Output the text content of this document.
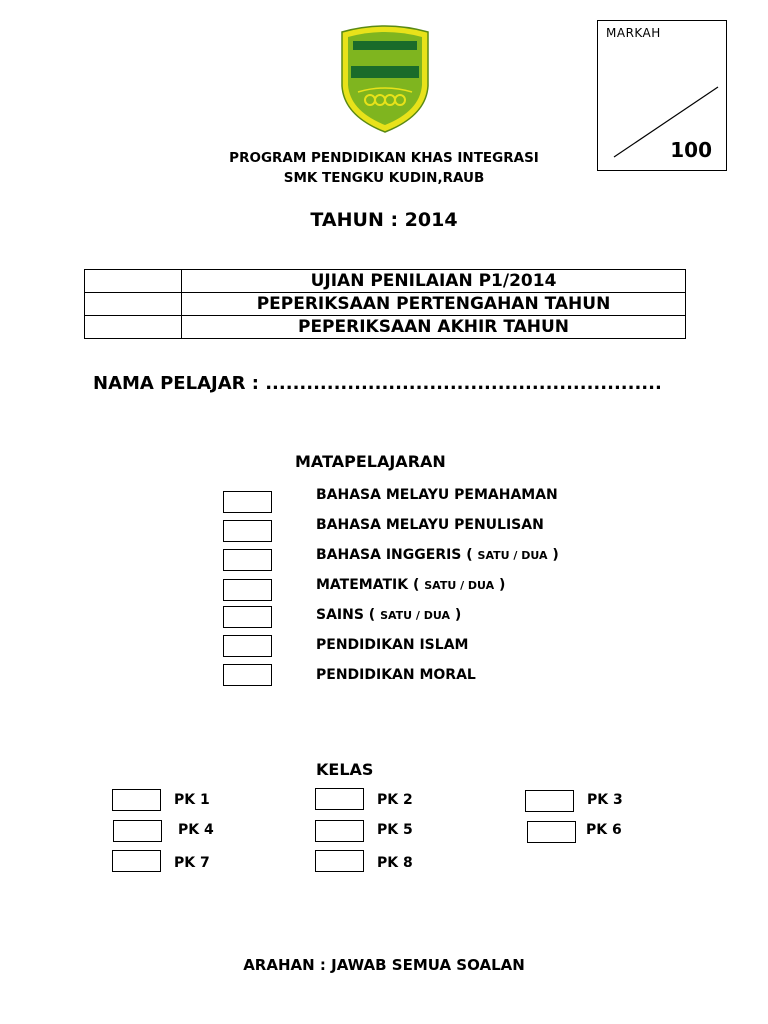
MARKAH
100
PROGRAM PENDIDIKAN KHAS INTEGRASI
SMK TENGKU KUDIN,RAUB
TAHUN : 2014
	UJIAN PENILAIAN P1/2014
	PEPERIKSAAN PERTENGAHAN TAHUN
	PEPERIKSAAN AKHIR TAHUN
NAMA PELAJAR : ..........................................................
MATAPELAJARAN
BAHASA MELAYU PEMAHAMAN
BAHASA MELAYU PENULISAN
BAHASA INGGERIS ( SATU / DUA )
MATEMATIK ( SATU / DUA )
SAINS ( SATU / DUA )
PENDIDIKAN ISLAM
PENDIDIKAN MORAL
KELAS
PK 1	PK 2	PK 3
PK 4	PK 5	PK 6
PK 7	PK 8
ARAHAN : JAWAB SEMUA SOALAN
